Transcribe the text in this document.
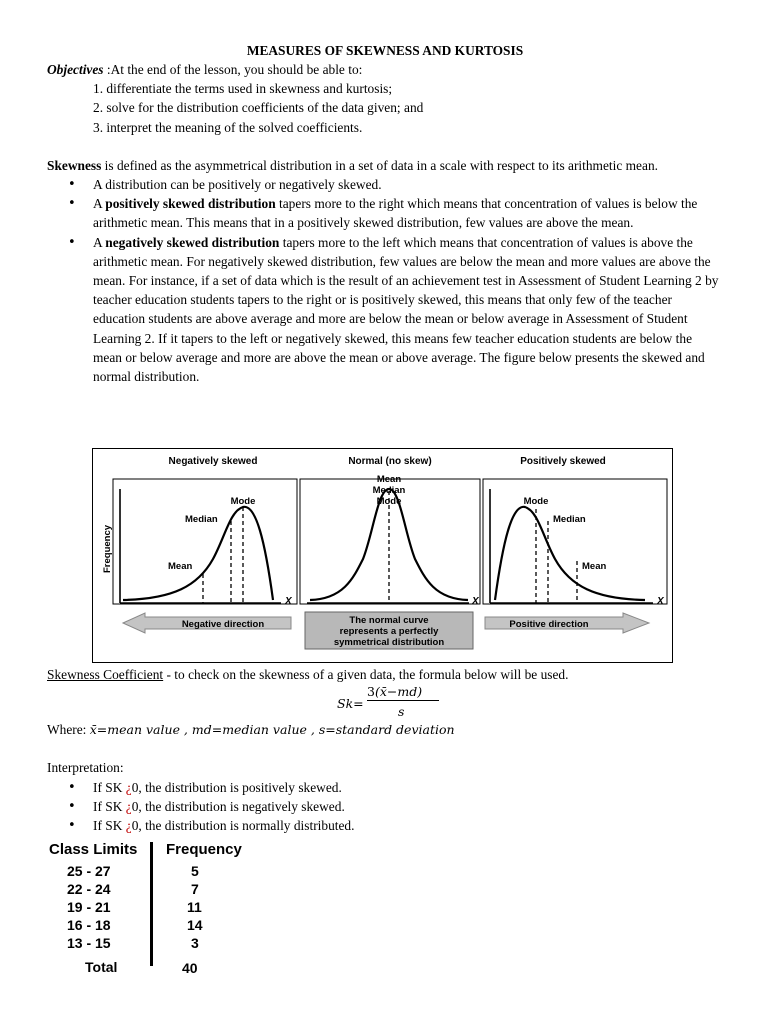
MEASURES OF SKEWNESS AND KURTOSIS

Objectives :At the end of the lesson, you should be able to:

1. differentiate the terms used in skewness and kurtosis;
2. solve for the distribution coefficients of the data given; and
3. interpret the meaning of the solved coefficients.

Skewness is defined as the asymmetrical distribution in a set of data in a scale with respect to its arithmetic mean.

• A distribution can be positively or negatively skewed.
• A positively skewed distribution tapers more to the right which means that concentration of values is below the arithmetic mean. This means that in a positively skewed distribution, few values are above the mean.
• A negatively skewed distribution tapers more to the left which means that concentration of values is above the arithmetic mean. For negatively skewed distribution, few values are below the mean and more values are above the mean. For instance, if a set of data which is the result of an achievement test in Assessment of Student Learning 2 by teacher education students tapers to the right or is positively skewed, this means that only few of the teacher education students are above average and more are below the mean or below average in Assessment of Student Learning 2. If it tapers to the left or negatively skewed, this means few teacher education students are below the mean or below average and more are above the mean or above average. The figure below presents the skewed and normal distribution.
Negatively skewed	Normal (no skew)	Positively skewed
Frequency
X	X	X
Mode
Median
Mean
Mean
Median
Mode	Mode
Median
Mean
Negative direction	The normal curve
represents a perfectly
symmetrical distribution
Positive direction

Skewness Coefficient - to check on the skewness of a given data, the formula below will be used.

Sk=
3(x̄−md)
s

Where: x̄=mean value , md=median value , s=standard deviation

Interpretation:

• If SK ¿0, the distribution is positively skewed.
• If SK ¿0, the distribution is negatively skewed.
• If SK ¿0, the distribution is normally distributed.
Class Limits Frequency
25 - 27	5
22 - 24	7
19 - 21	11
16 - 18	14
13 - 15	3
Total	40
